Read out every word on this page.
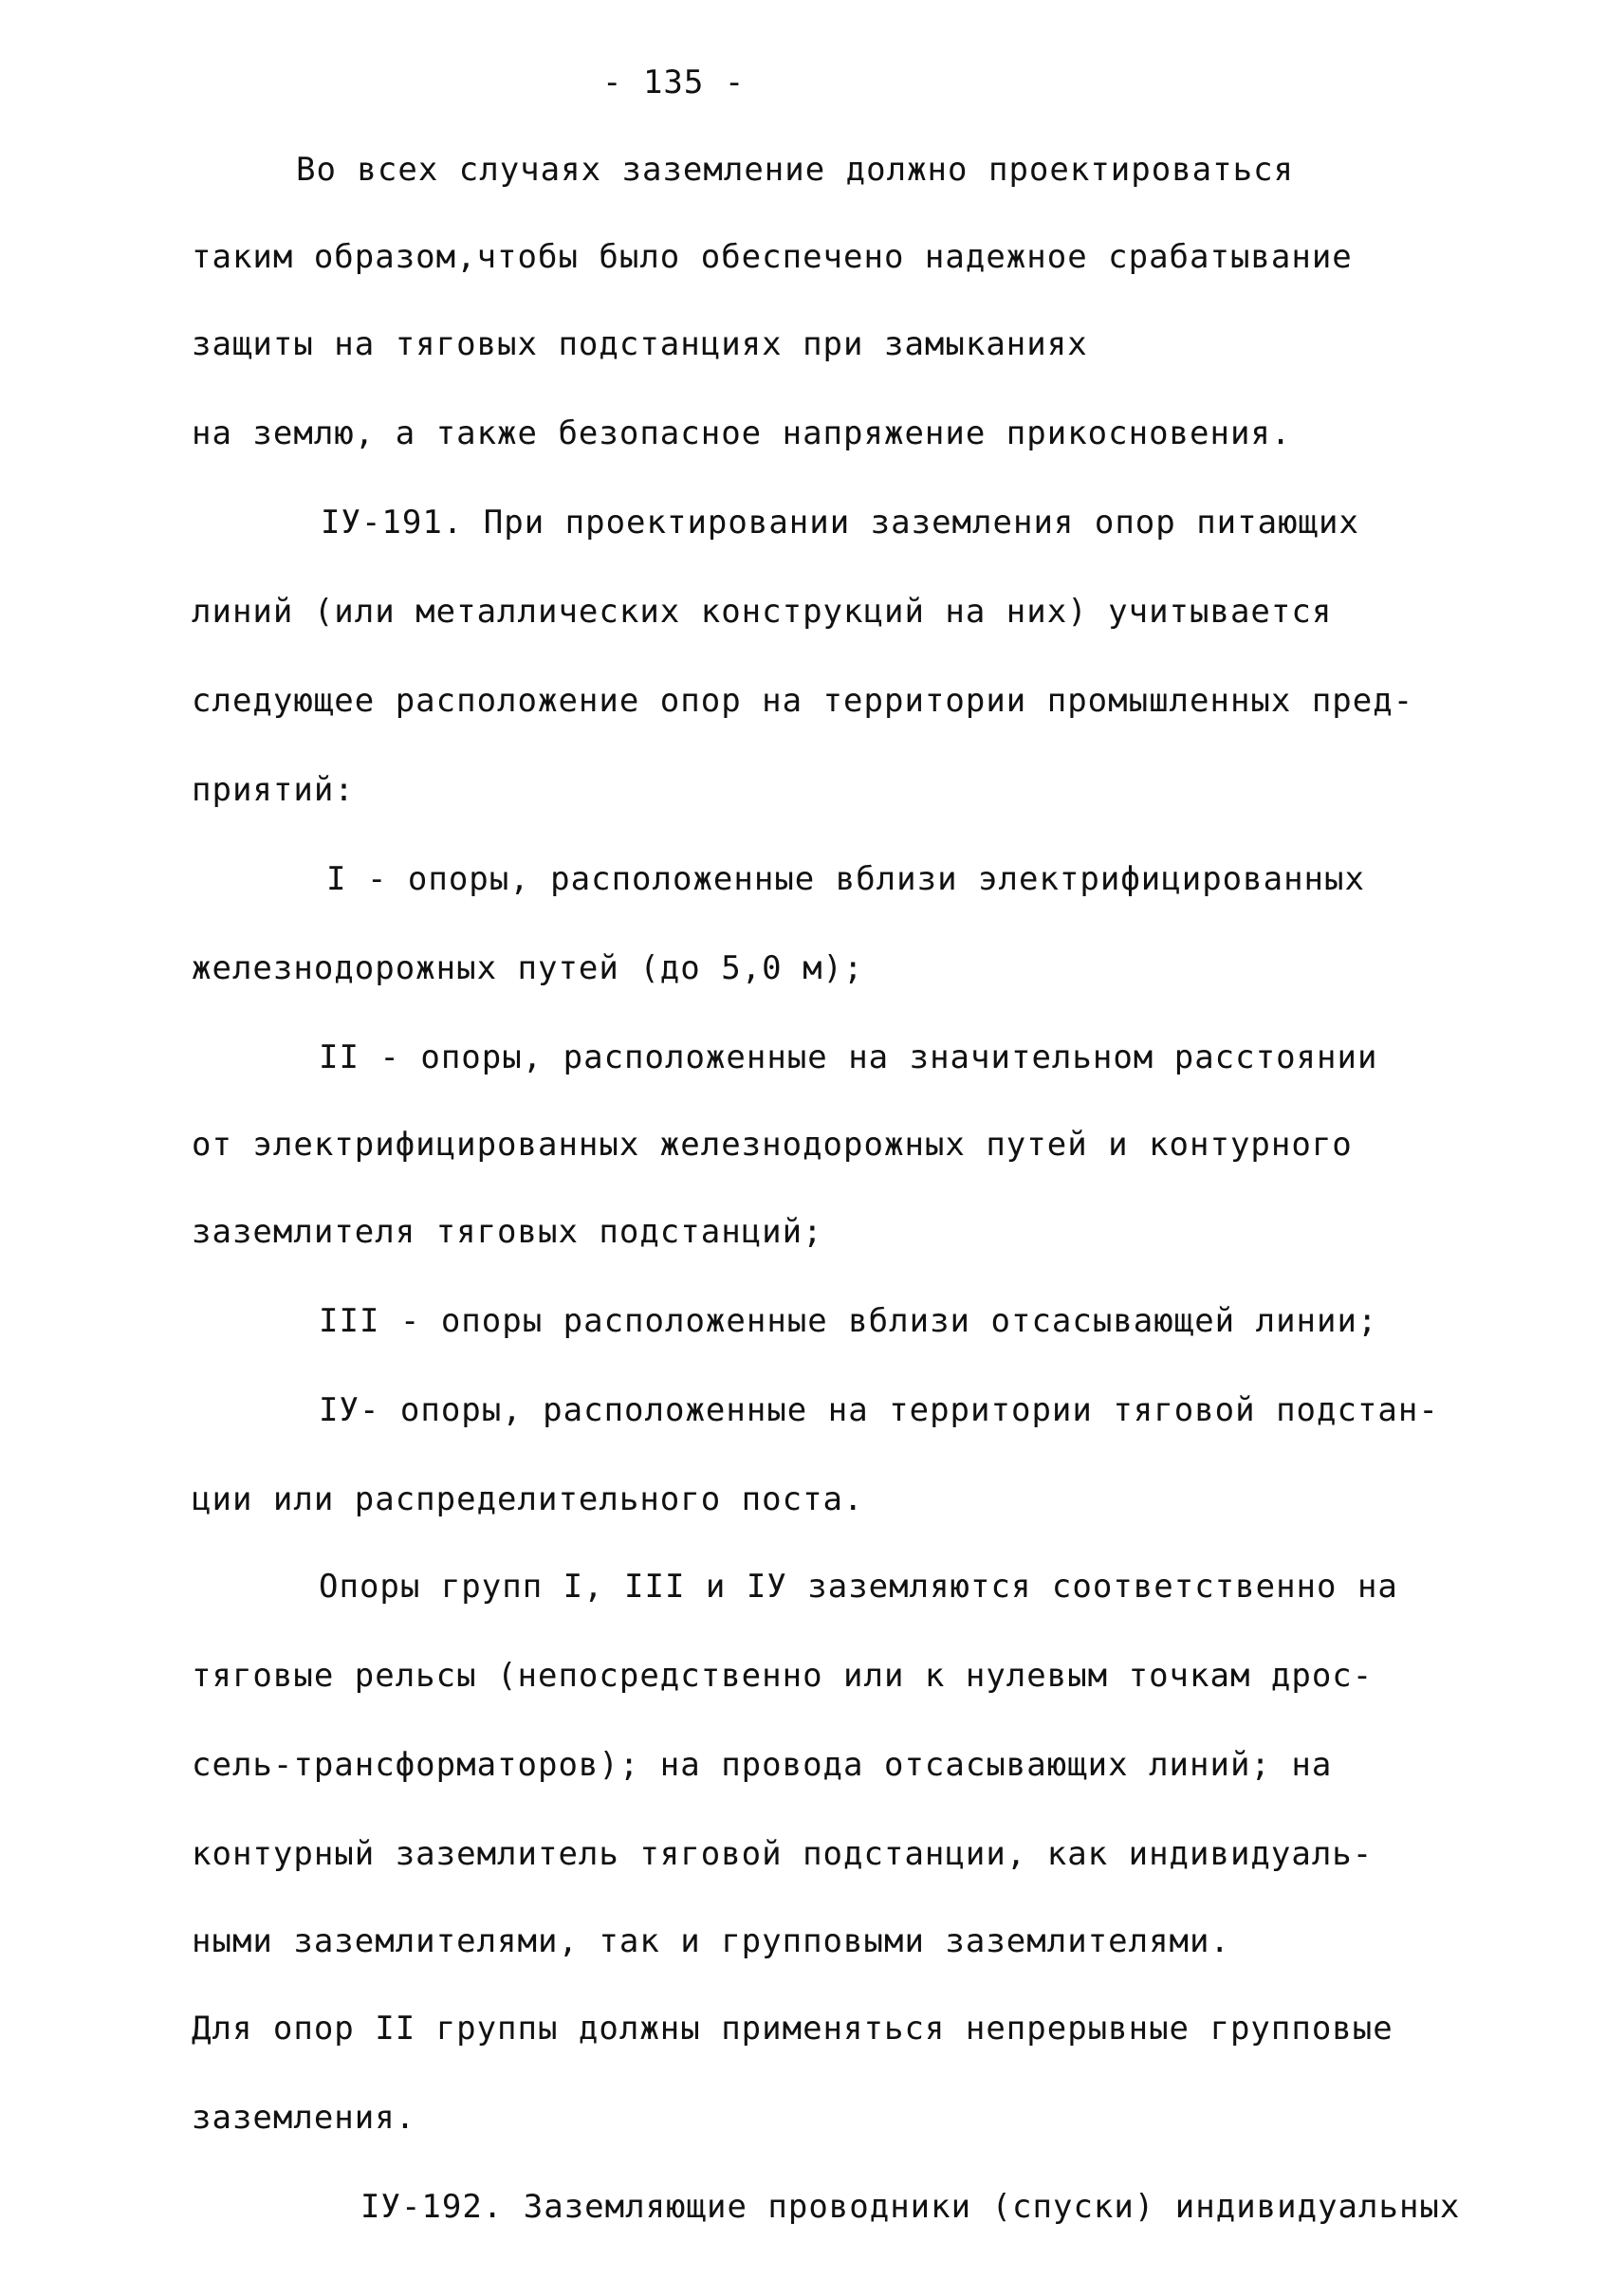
- 135 -
Во всех случаях заземление должно проектироваться
таким образом,чтобы было обеспечено надежное срабатывание
защиты на тяговых подстанциях при замыканиях
на землю, а также безопасное напряжение прикосновения.
ІУ-191. При проектировании заземления опор питающих
линий (или металлических конструкций на них) учитывается
следующее расположение опор на территории промышленных пред-
приятий:
І - опоры, расположенные вблизи электрифицированных
железнодорожных путей (до 5,0 м);
ІІ - опоры, расположенные на значительном расстоянии
от электрифицированных железнодорожных путей и контурного
заземлителя тяговых подстанций;
ІІІ - опоры расположенные вблизи отсасывающей линии;
ІУ- опоры, расположенные на территории тяговой подстан-
ции или распределительного поста.
Опоры групп І, ІІІ и ІУ заземляются соответственно на
тяговые рельсы (непосредственно или к нулевым точкам дрос-
сель-трансформаторов); на провода отсасывающих линий; на
контурный заземлитель тяговой подстанции, как индивидуаль-
ными заземлителями, так и групповыми заземлителями.
Для опор ІІ группы должны применяться непрерывные групповые
заземления.
ІУ-192. Заземляющие проводники (спуски) индивидуальных
